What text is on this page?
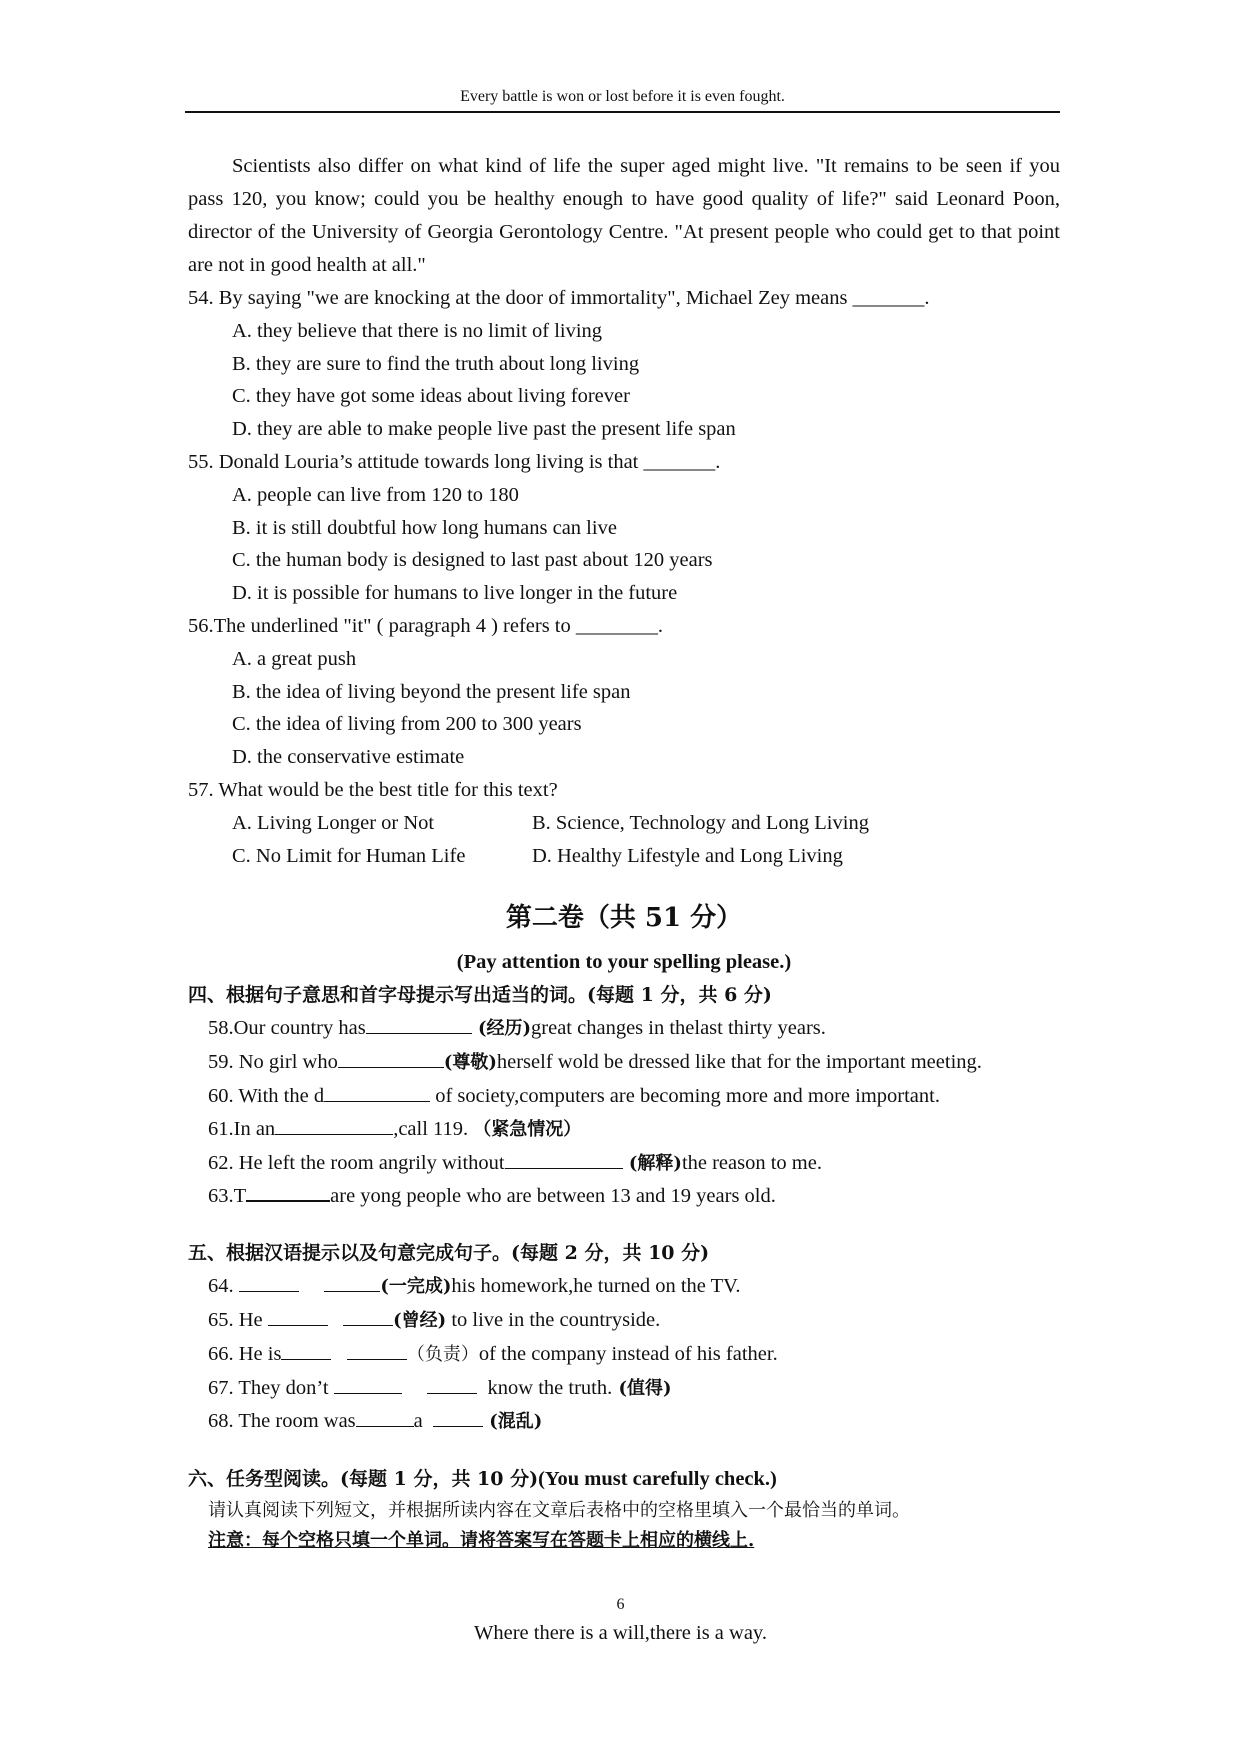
Every battle is won or lost before it is even fought.

Scientists also differ on what kind of life the super aged might live. "It remains to be seen if you pass 120, you know; could you be healthy enough to have good quality of life?" said Leonard Poon, director of the University of Georgia Gerontology Centre. "At present people who could get to that point are not in good health at all."

54. By saying "we are knocking at the door of immortality", Michael Zey means _______.
A. they believe that there is no limit of living
B. they are sure to find the truth about long living
C. they have got some ideas about living forever
D. they are able to make people live past the present life span
55. Donald Louria’s attitude towards long living is that _______.
A. people can live from 120 to 180
B. it is still doubtful how long humans can live
C. the human body is designed to last past about 120 years
D. it is possible for humans to live longer in the future
56.The underlined "it" ( paragraph 4 ) refers to ________.
A. a great push
B. the idea of living beyond the present life span
C. the idea of living from 200 to 300 years
D. the conservative estimate
57. What would be the best title for this text?
A. Living Longer or Not	B. Science, Technology and Long Living
C. No Limit for Human Life	D. Healthy Lifestyle and Long Living
第二卷（共 51 分）
(Pay attention to your spelling please.)
四、根据句子意思和首字母提示写出适当的词。(每题 1 分，共 6 分)
58.Our country has	(经历)great changes in thelast thirty years.
59. No girl who	(尊敬)herself wold be dressed like that for the important meeting.
60. With the d	of society,computers are becoming more and more important.
61.In an	,call 119. （紧急情况）
62. He left the room angrily without	(解释)the reason to me.
63.T	are yong people who are between 13 and 19 years old.
五、根据汉语提示以及句意完成句子。(每题 2 分，共 10 分)
64.	(一完成)his homework,he turned on the TV.
65. He	(曾经) to live in the countryside.
66. He is	（负责）of the company instead of his father.
67. They don’t	know the truth. (值得)
68. The room was	a	(混乱)
六、任务型阅读。(每题 1 分，共 10 分)(You must carefully check.)
请认真阅读下列短文，并根据所读内容在文章后表格中的空格里填入一个最恰当的单词。
注意：每个空格只填一个单词。请将答案写在答题卡上相应的横线上.
6
Where there is a will,there is a way.
